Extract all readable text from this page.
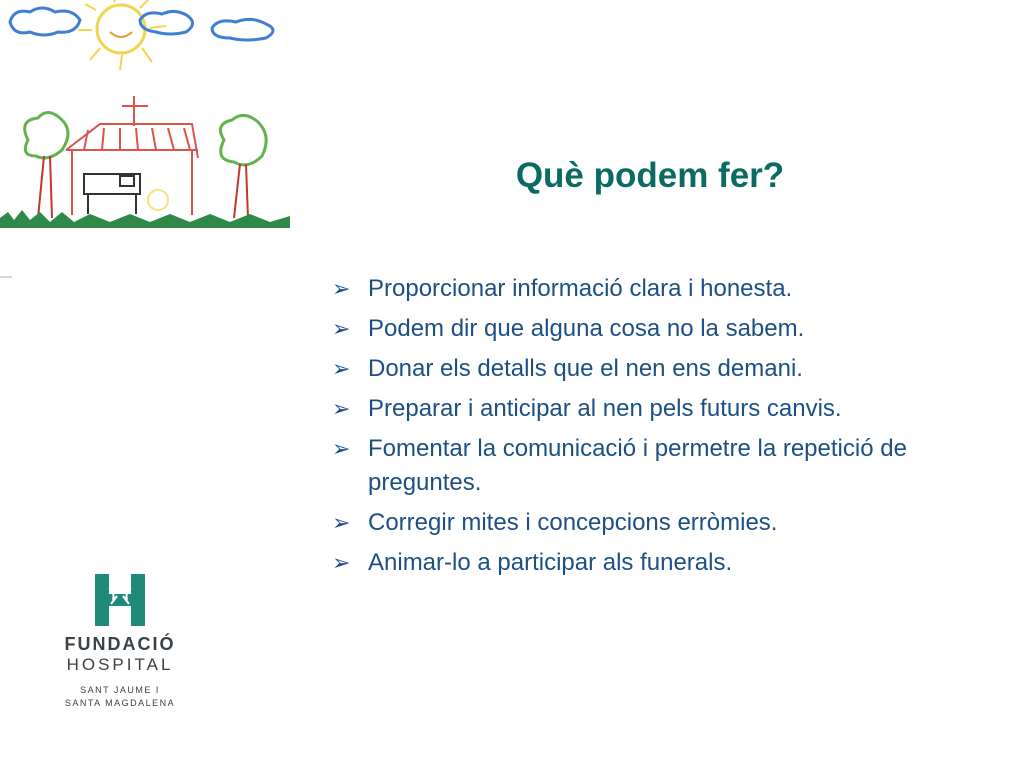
Què podem fer?
➢ Proporcionar informació clara i honesta.
➢ Podem dir que alguna cosa no la sabem.
➢ Donar els detalls que el nen ens demani.
➢ Preparar i anticipar al nen pels futurs canvis.
➢ Fomentar la comunicació i permetre la repetició de preguntes.
➢ Corregir mites i concepcions erròmies.
➢ Animar-lo a participar als funerals.
FUNDACIÓ
HOSPITAL
SANT JAUME I
SANTA MAGDALENA
